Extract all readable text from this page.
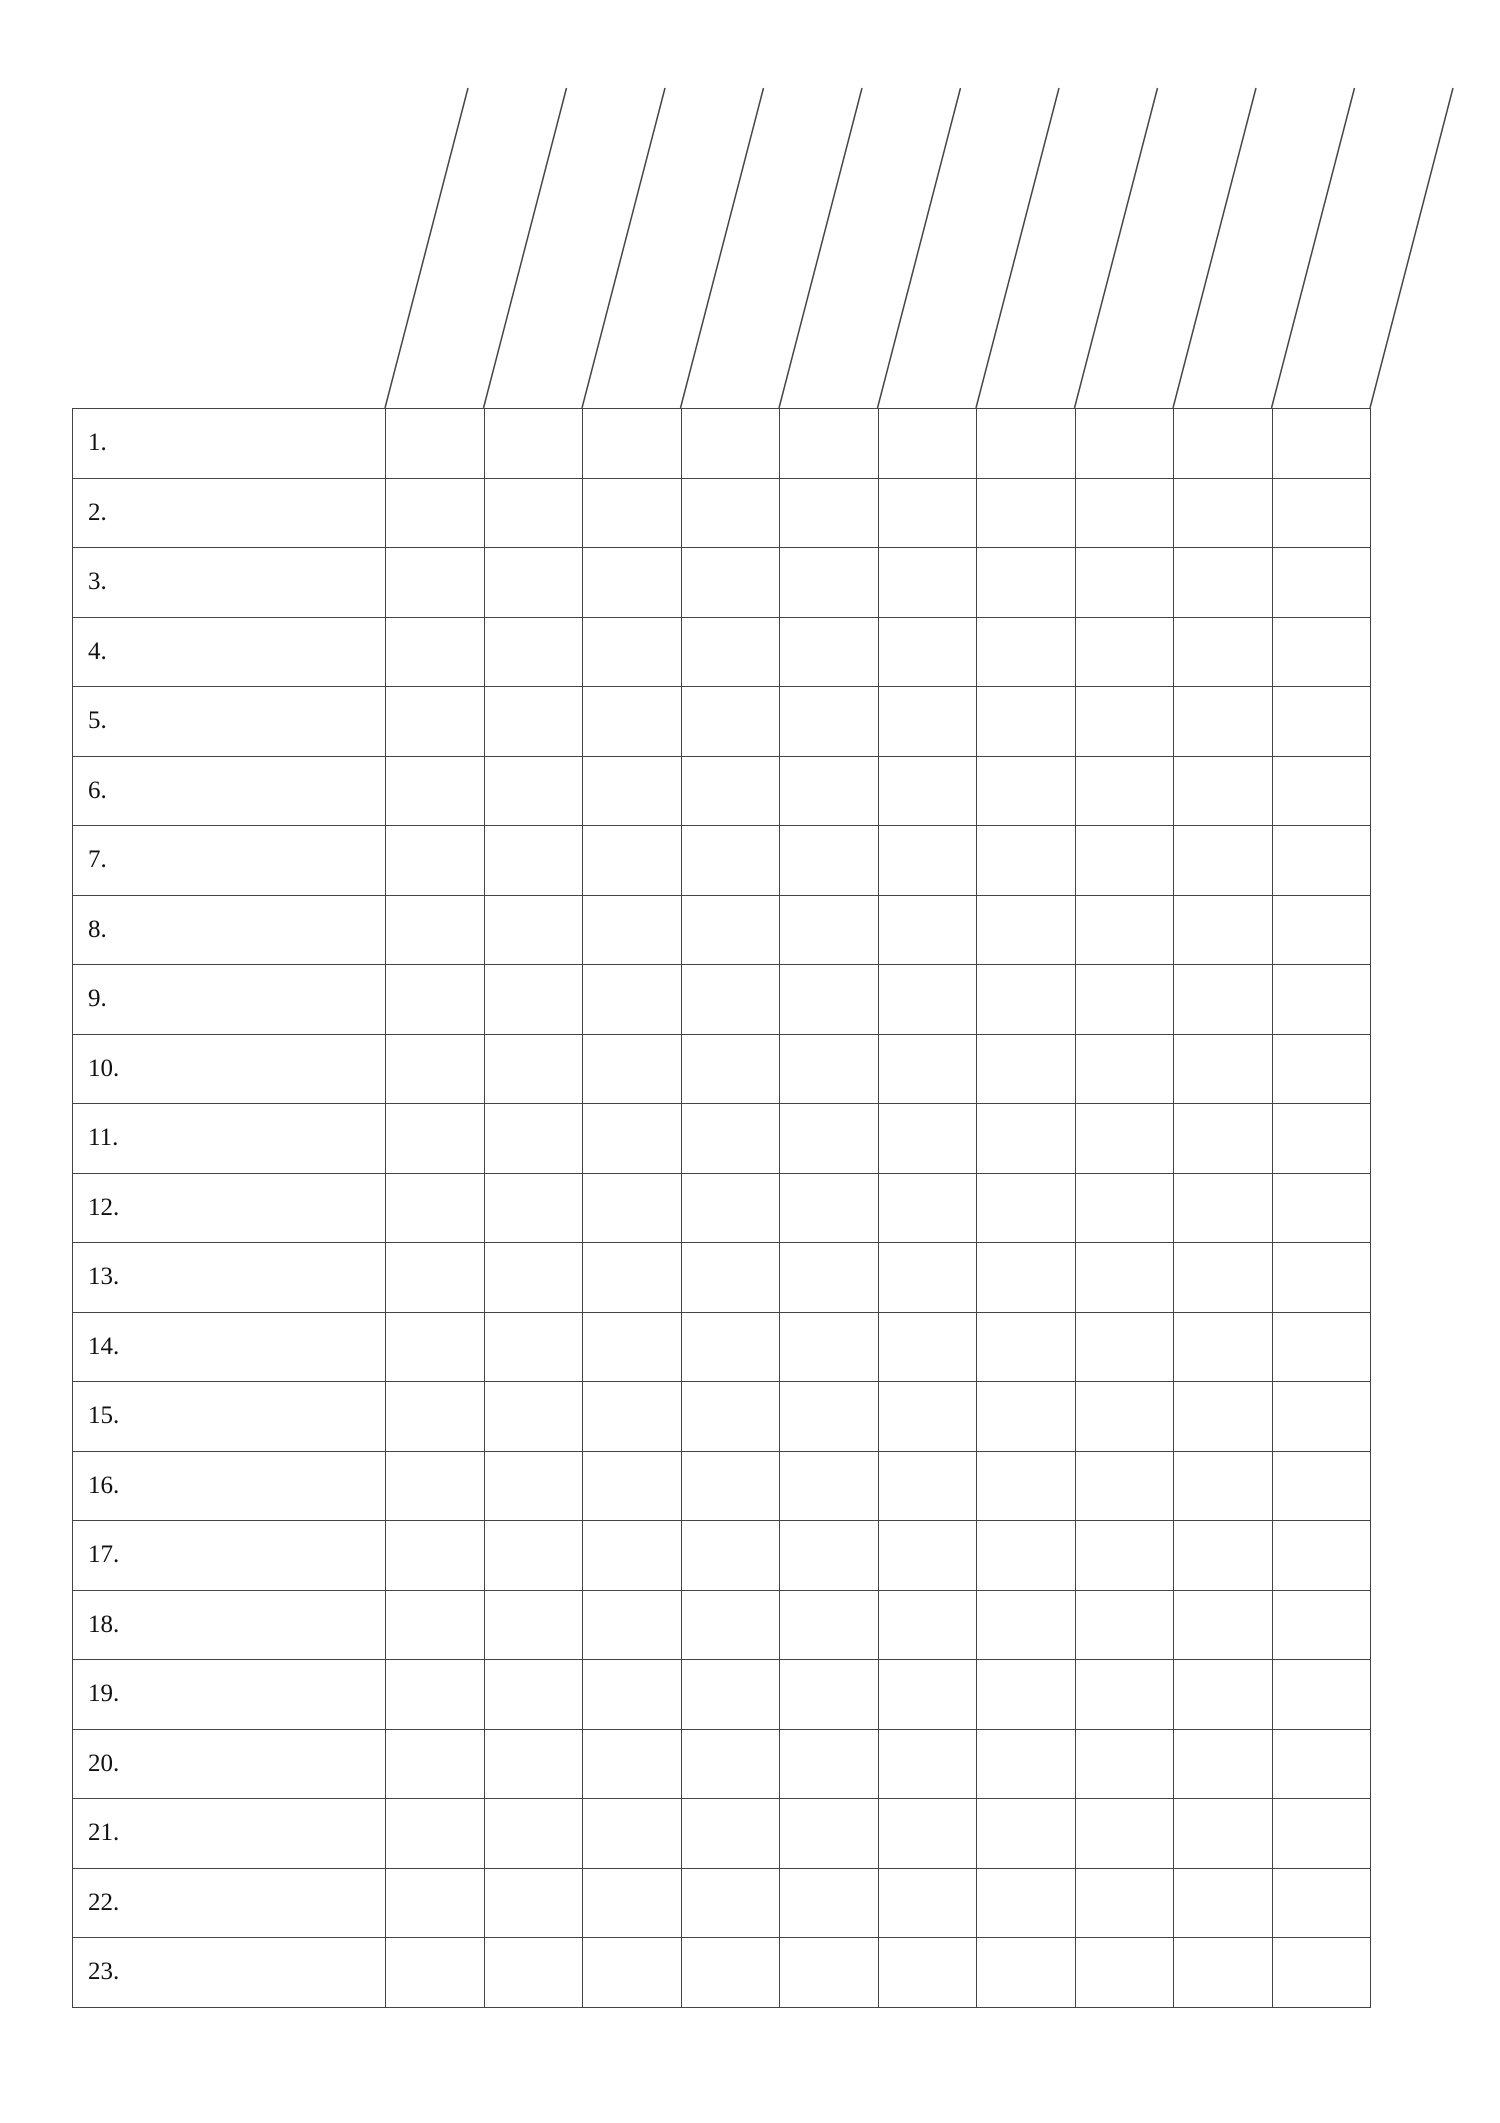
1.										
2.										
3.										
4.										
5.										
6.										
7.										
8.										
9.										
10.										
11.										
12.										
13.										
14.										
15.										
16.										
17.										
18.										
19.										
20.										
21.										
22.										
23.										
